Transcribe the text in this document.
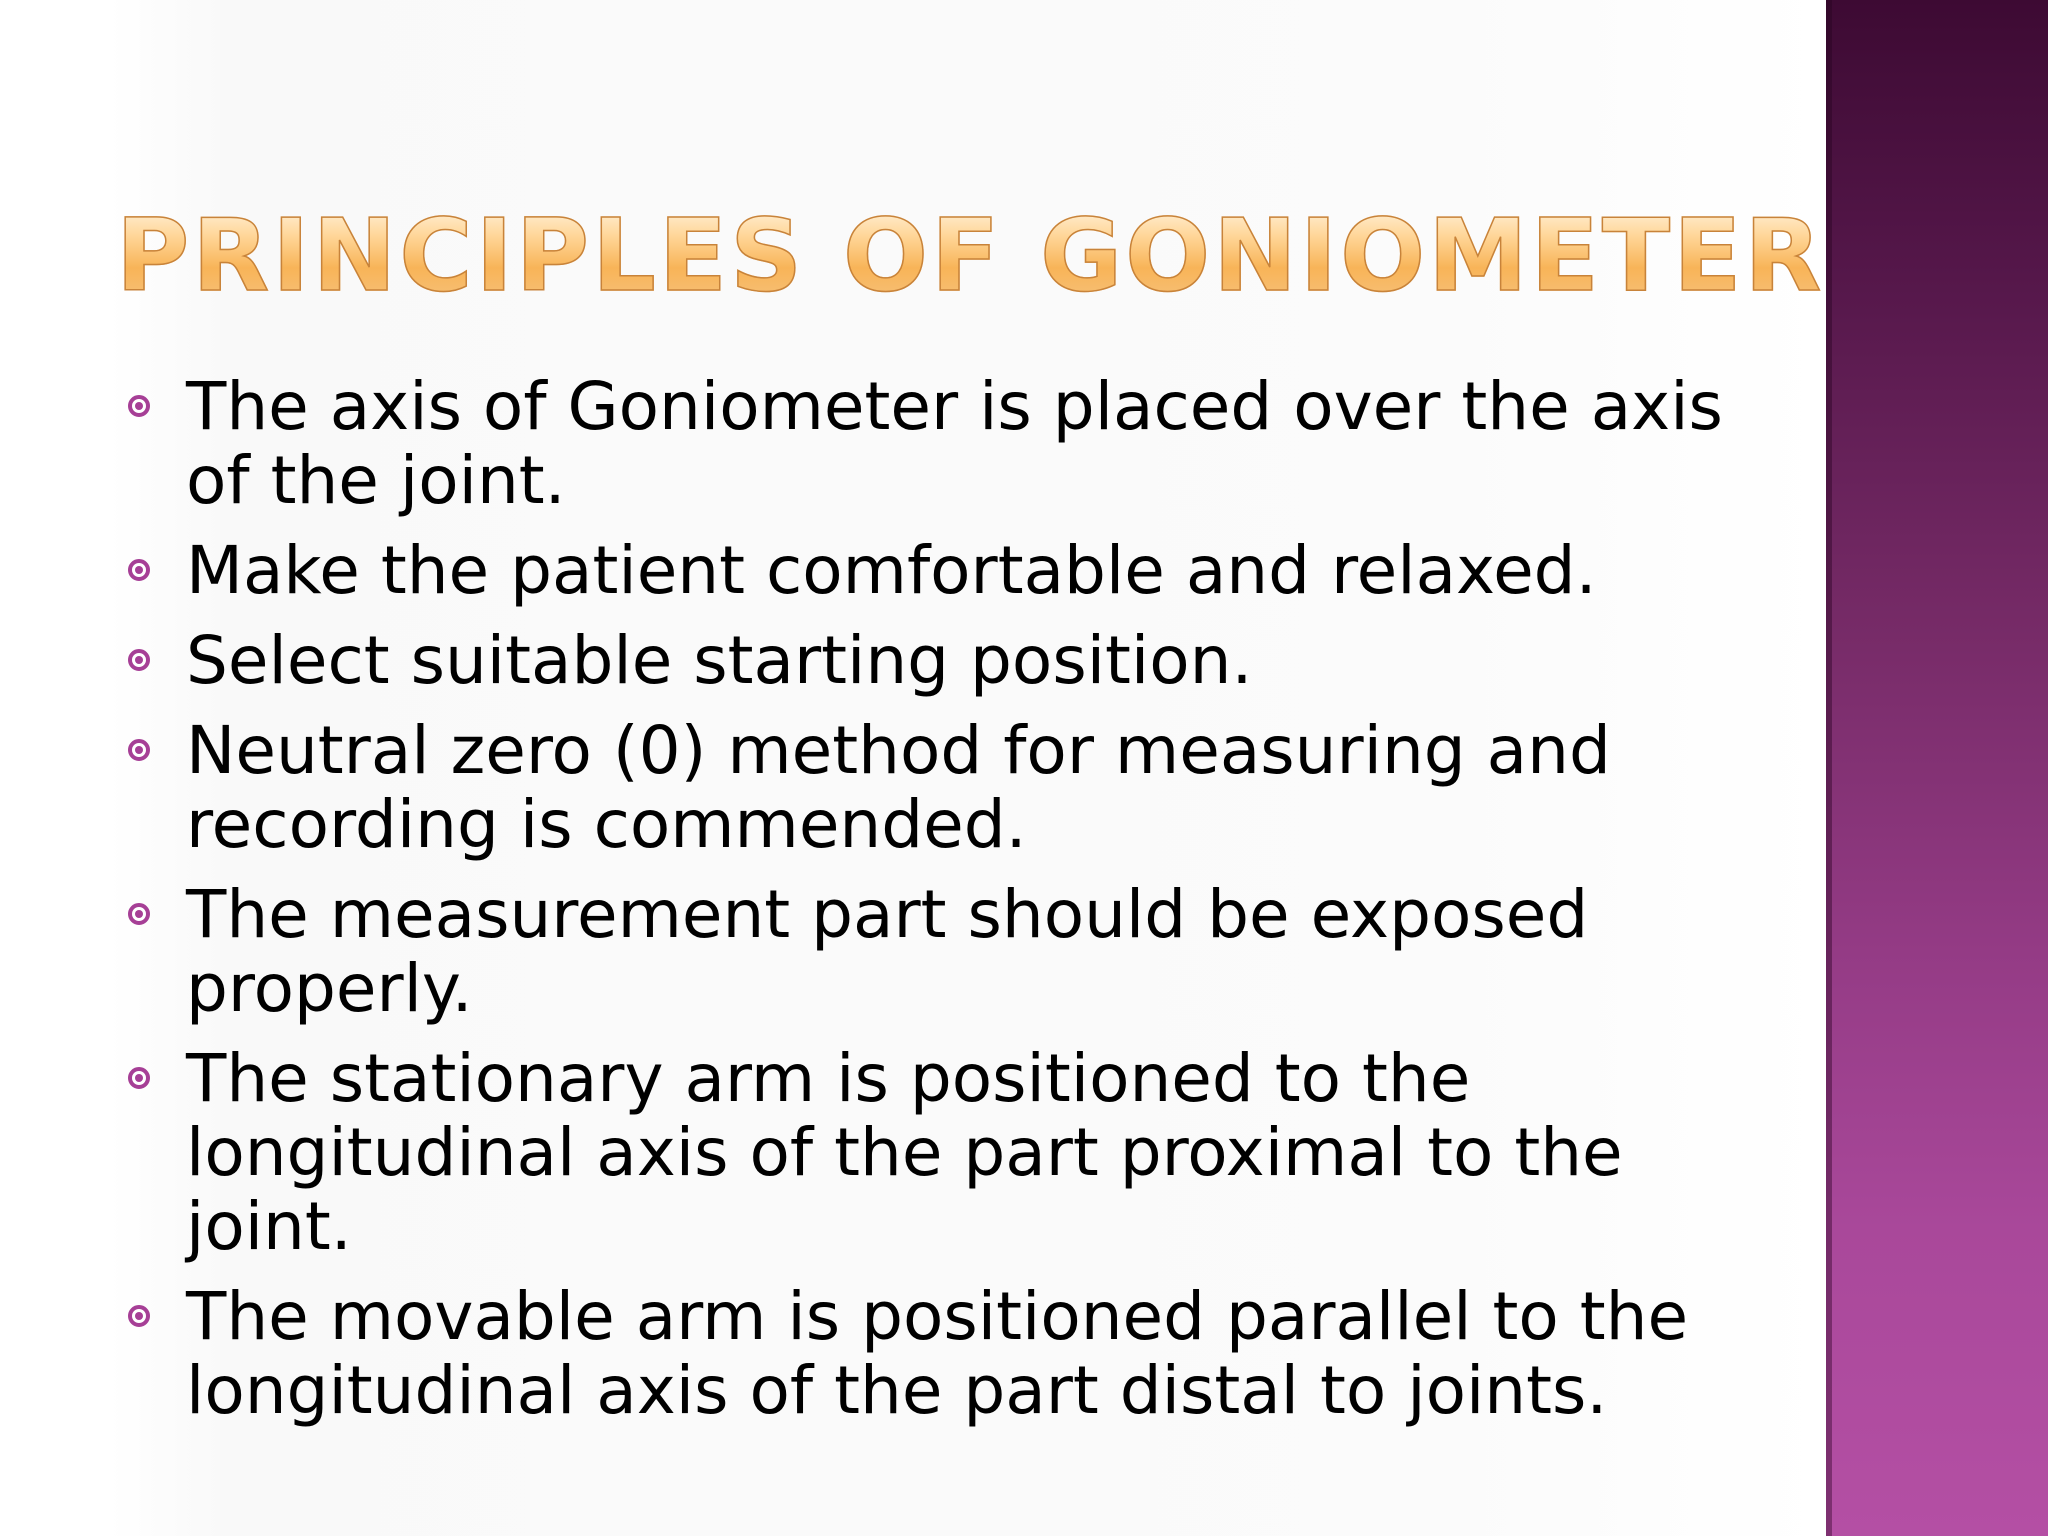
PRINCIPLES OF GONIOMETER
The axis of Goniometer is placed over the axis of the joint.
Make the patient comfortable and relaxed.
Select suitable starting position.
Neutral zero (0) method for measuring and recording is commended.
The measurement part should be exposed properly.
The stationary arm is positioned to the longitudinal axis of the part proximal to the joint.
The movable arm is positioned parallel to the longitudinal axis of the part distal to joints.
